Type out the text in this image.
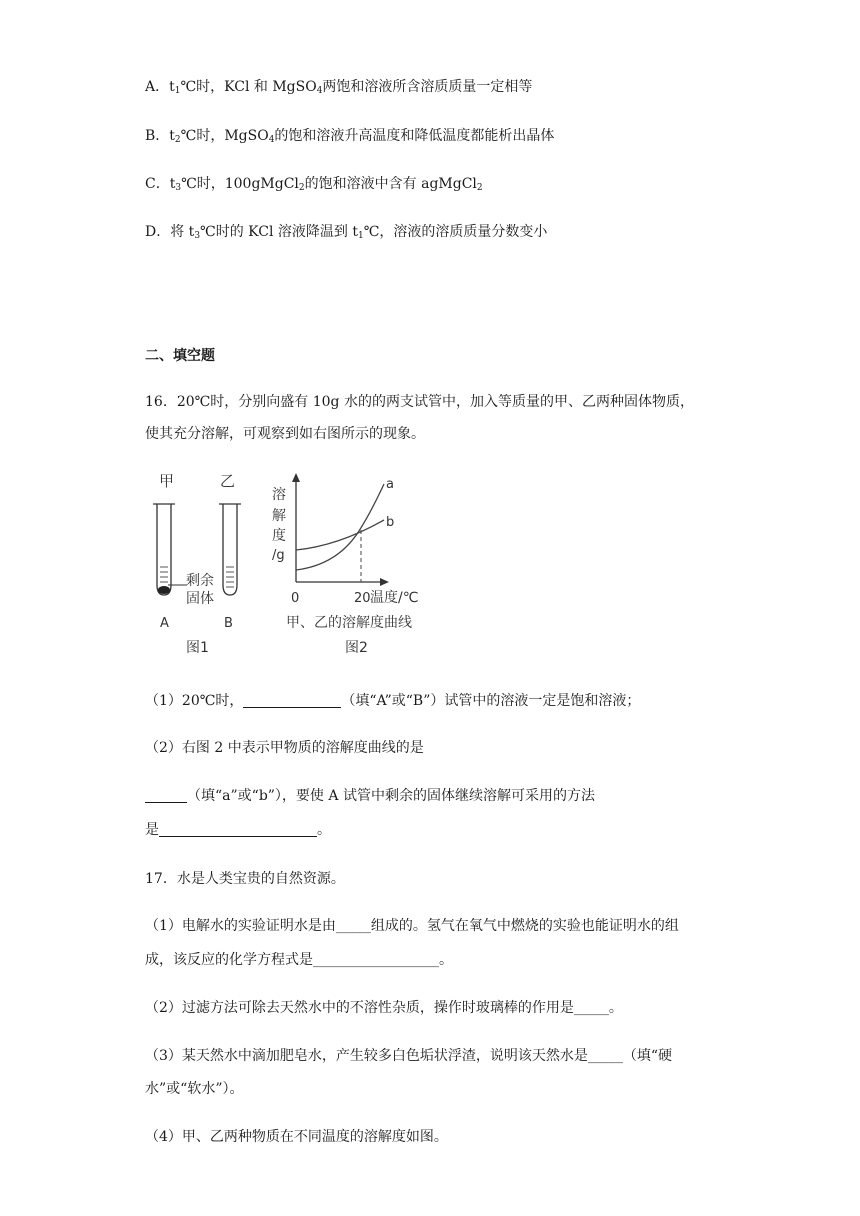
A．$t_1℃$时，KCl 和 MgSO$_4$两饱和溶液所含溶质质量一定相等
B．$t_2℃$时，MgSO$_4$的饱和溶液升高温度和降低温度都能析出晶体
C．$t_3℃$时，100gMgCl$_2$的饱和溶液中含有 agMgCl$_2$
D．将 $t_3℃$时的 KCl 溶液降温到 $t_1℃$，溶液的溶质质量分数变小
二、填空题
16．20℃时，分别向盛有 10g 水的的两支试管中，加入等质量的甲、乙两种固体物质，
使其充分溶解，可观察到如右图所示的现象。
甲	乙
剩余
固体
A	B
图1
溶
解
度
/g
a
b
0	20 温度/℃
甲、乙的溶解度曲线
图2
（1）20℃时，	（填“A”或“B”）试管中的溶液一定是饱和溶液；
（2）右图 2 中表示甲物质的溶解度曲线的是
（填“a”或“b”），要使 A 试管中剩余的固体继续溶解可采用的方法
是	。
17．水是人类宝贵的自然资源。
（1）电解水的实验证明水是由_____组成的。氢气在氧气中燃烧的实验也能证明水的组
成，该反应的化学方程式是__________________。
（2）过滤方法可除去天然水中的不溶性杂质，操作时玻璃棒的作用是_____。
（3）某天然水中滴加肥皂水，产生较多白色垢状浮渣，说明该天然水是_____（填“硬
水”或“软水”）。
（4）甲、乙两种物质在不同温度的溶解度如图。
